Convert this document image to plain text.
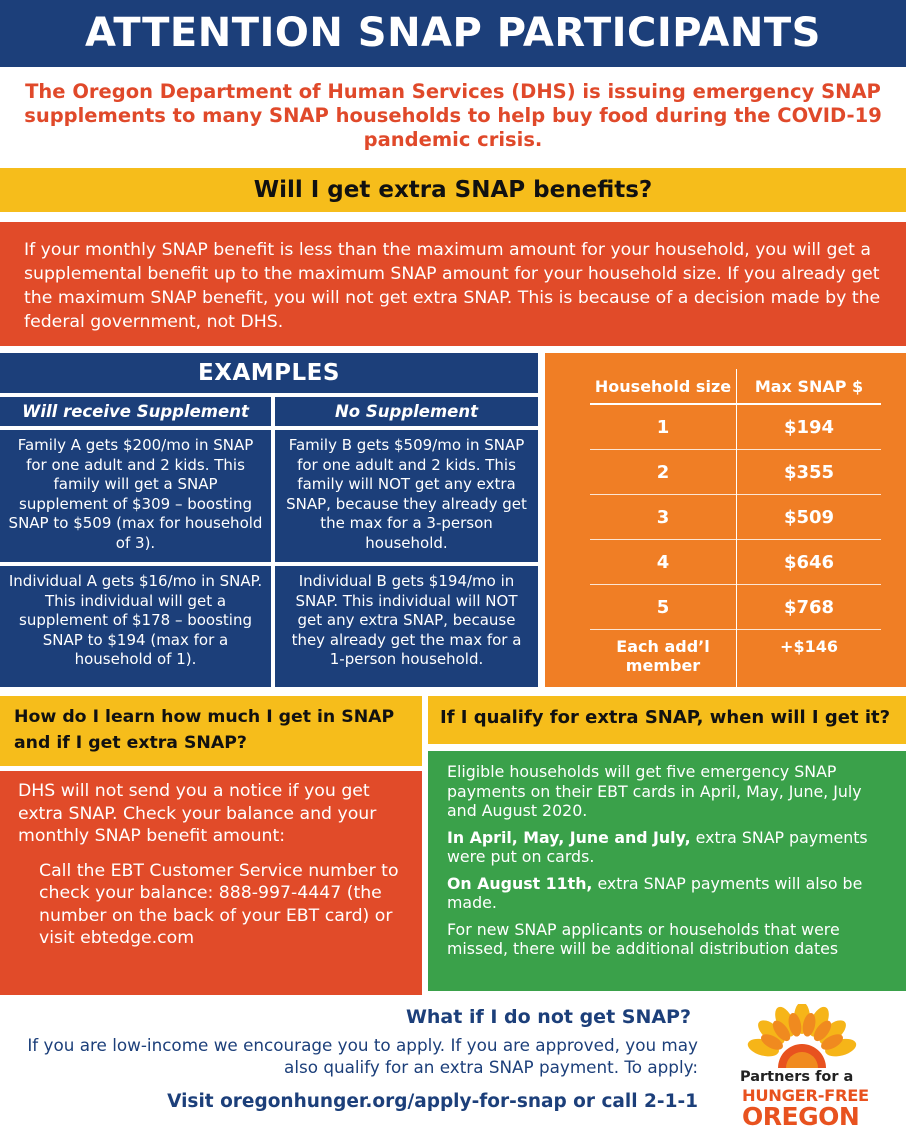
ATTENTION SNAP PARTICIPANTS
The Oregon Department of Human Services (DHS) is issuing emergency SNAP supplements to many SNAP households to help buy food during the COVID-19 pandemic crisis.
Will I get extra SNAP benefits?
If your monthly SNAP benefit is less than the maximum amount for your household, you will get a supplemental benefit up to the maximum SNAP amount for your household size. If you already get the maximum SNAP benefit, you will not get extra SNAP. This is because of a decision made by the federal government, not DHS.
EXAMPLES
Will receive Supplement	No Supplement
Family A gets $200/mo in SNAP for one adult and 2 kids. This family will get a SNAP supplement of $309 – boosting SNAP to $509 (max for household of 3).
Family B gets $509/mo in SNAP for one adult and 2 kids. This family will NOT get any extra SNAP, because they already get the max for a 3-person household.
Individual A gets $16/mo in SNAP. This individual will get a supplement of $178 – boosting SNAP to $194 (max for a household of 1).
Individual B gets $194/mo in SNAP. This individual will NOT get any extra SNAP, because they already get the max for a 1-person household.
Household size	Max SNAP $
1	$194
2	$355
3	$509
4	$646
5	$768
Each add’l member	+$146
How do I learn how much I get in SNAP and if I get extra SNAP?
If I qualify for extra SNAP, when will I get it?
DHS will not send you a notice if you get extra SNAP. Check your balance and your monthly SNAP benefit amount:
Call the EBT Customer Service number to check your balance: 888-997-4447 (the number on the back of your EBT card) or visit ebtedge.com

Eligible households will get five emergency SNAP payments on their EBT cards in April, May, June, July and August 2020.

In April, May, June and July, extra SNAP payments were put on cards.

On August 11th, extra SNAP payments will also be made.

For new SNAP applicants or households that were missed, there will be additional distribution dates

What if I do not get SNAP?
If you are low-income we encourage you to apply. If you are approved, you may also qualify for an extra SNAP payment. To apply:
Visit oregonhunger.org/apply-for-snap or call 2-1-1
Partners for a
HUNGER-FREE
OREGON
